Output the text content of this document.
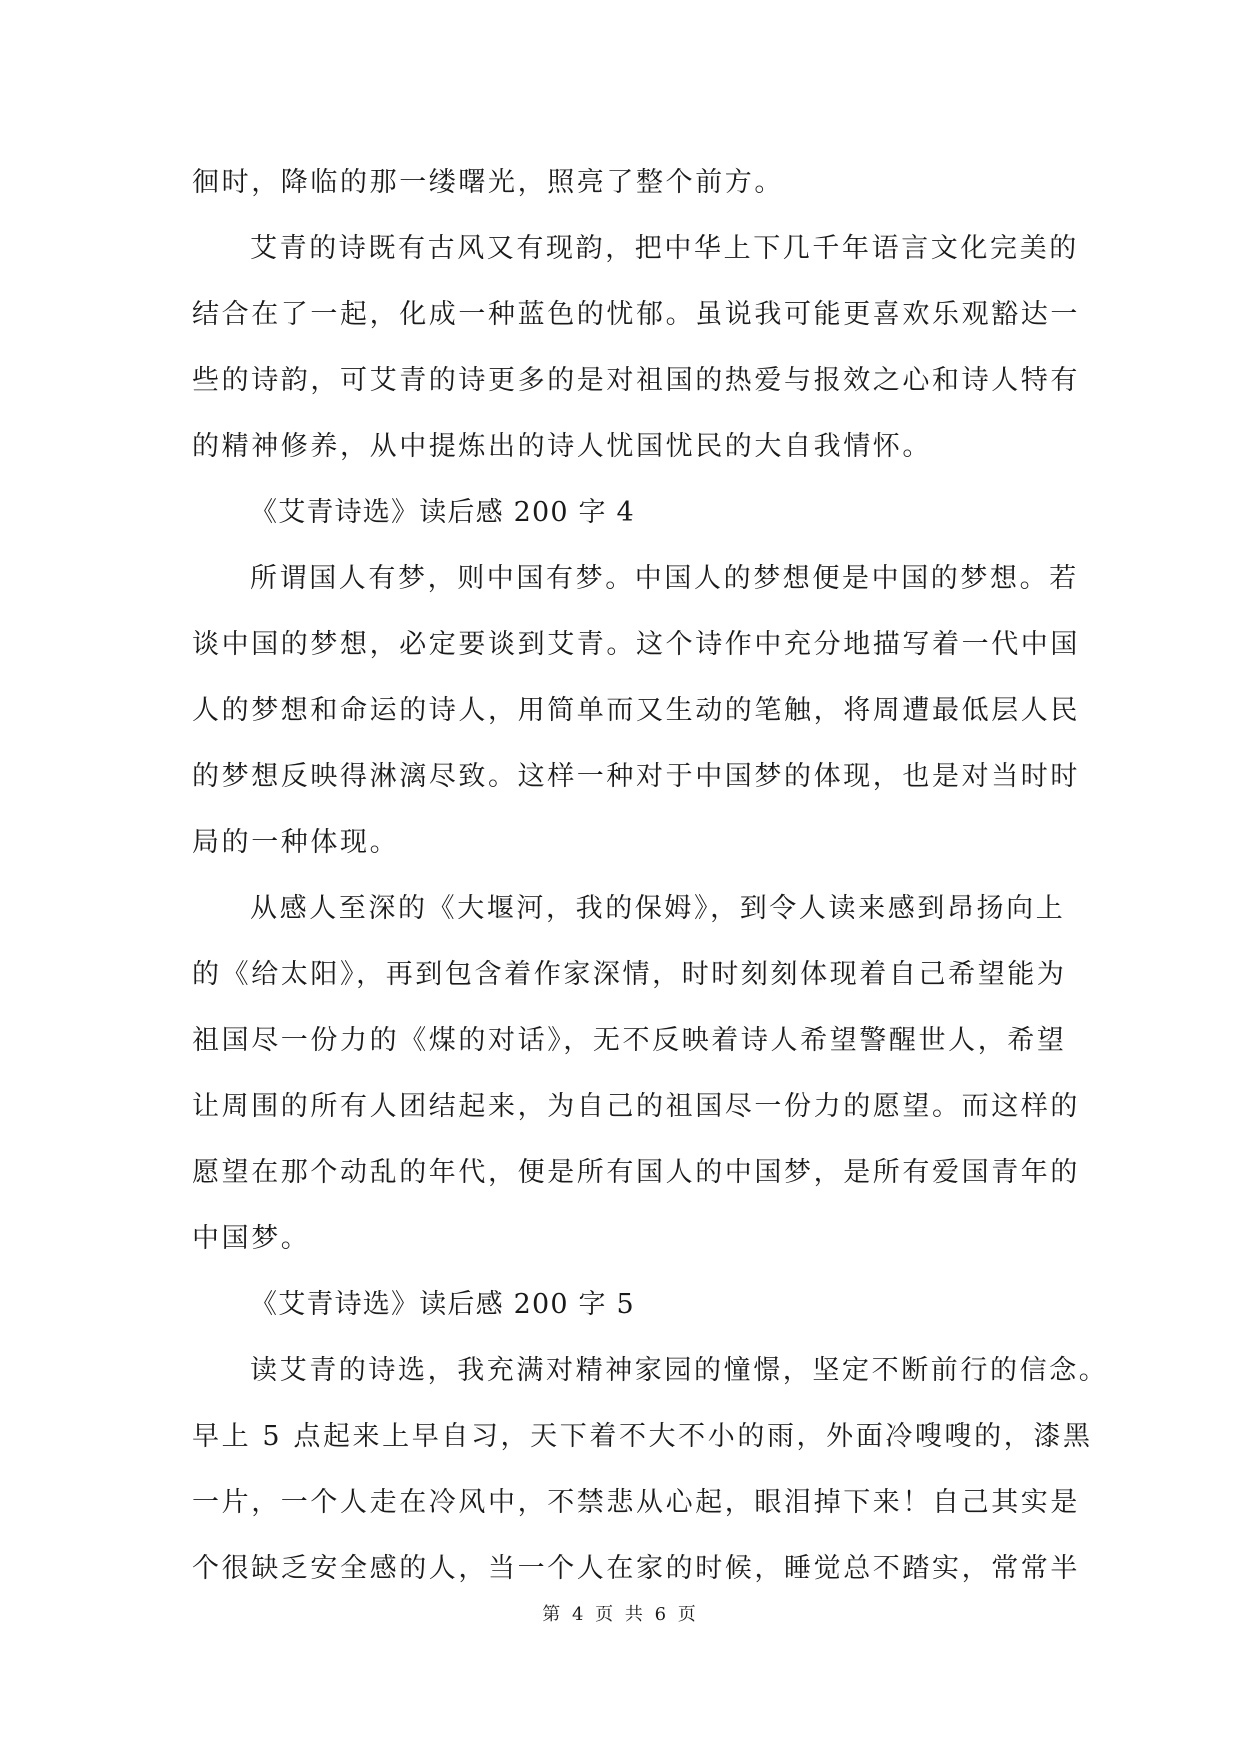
徊时，降临的那一缕曙光，照亮了整个前方。
艾青的诗既有古风又有现韵，把中华上下几千年语言文化完美的
结合在了一起，化成一种蓝色的忧郁。虽说我可能更喜欢乐观豁达一
些的诗韵，可艾青的诗更多的是对祖国的热爱与报效之心和诗人特有
的精神修养，从中提炼出的诗人忧国忧民的大自我情怀。
《艾青诗选》读后感 200 字 4
所谓国人有梦，则中国有梦。中国人的梦想便是中国的梦想。若
谈中国的梦想，必定要谈到艾青。这个诗作中充分地描写着一代中国
人的梦想和命运的诗人，用简单而又生动的笔触，将周遭最低层人民
的梦想反映得淋漓尽致。这样一种对于中国梦的体现，也是对当时时
局的一种体现。
从感人至深的《大堰河，我的保姆》，到令人读来感到昂扬向上
的《给太阳》，再到包含着作家深情，时时刻刻体现着自己希望能为
祖国尽一份力的《煤的对话》，无不反映着诗人希望警醒世人，希望
让周围的所有人团结起来，为自己的祖国尽一份力的愿望。而这样的
愿望在那个动乱的年代，便是所有国人的中国梦，是所有爱国青年的
中国梦。
《艾青诗选》读后感 200 字 5
读艾青的诗选，我充满对精神家园的憧憬，坚定不断前行的信念。
早上 5 点起来上早自习，天下着不大不小的雨，外面冷嗖嗖的，漆黑
一片，一个人走在冷风中，不禁悲从心起，眼泪掉下来！自己其实是
个很缺乏安全感的人，当一个人在家的时候，睡觉总不踏实，常常半
第 4 页 共 6 页
